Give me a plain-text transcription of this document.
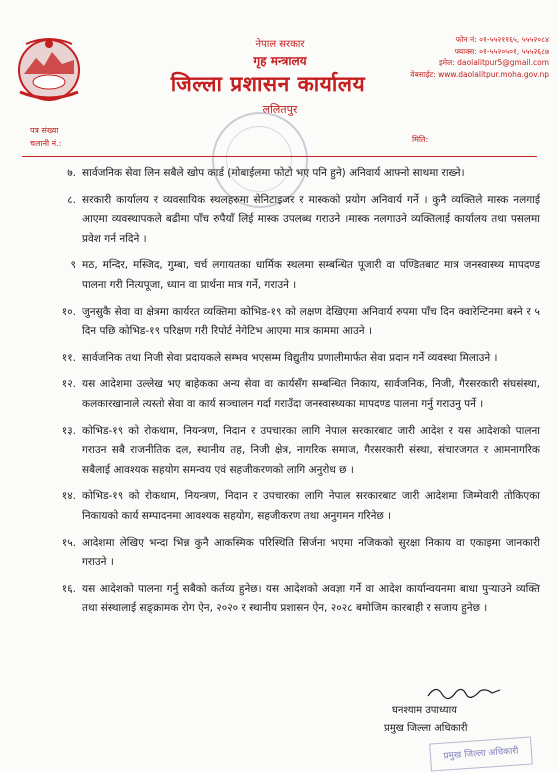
नेपाल सरकार
गृह मन्त्रालय
जिल्ला प्रशासन कार्यालय
ललितपुर
फोन नं: ०१-५५२११६५, ५५५२०८४
फ्याक्स: ०१-५५२०५०१, ५५५२६८७
इमेल: daolalitpur5@gmail.com
वेबसाईट: www.daolalitpur.moha.gov.np
पत्र संख्या
चलानी नं.:	मिति:
७. सार्वजनिक सेवा लिन सबैले खोप कार्ड (मोबाईलमा फोटो भए पनि हुने) अनिवार्य आफ्नो साथमा राख्ने।
८. सरकारी कार्यालय र व्यवसायिक स्थलहरुमा सेनिटाइजर र मास्कको प्रयोग अनिवार्य गर्ने । कुनै व्यक्तिले मास्क नलगाई आएमा व्यवस्थापकले बढीमा पाँच रुपैयाँ लिई मास्क उपलब्ध गराउने ।मास्क नलगाउने व्यक्तिलाई कार्यालय तथा पसलमा प्रवेश गर्न नदिने ।
९ मठ, मन्दिर, मस्जिद, गुम्बा, चर्च लगायतका धार्मिक स्थलमा सम्बन्धित पूजारी वा पण्डितबाट मात्र जनस्वास्थ्य मापदण्ड पालना गरी नित्यपूजा, ध्यान वा प्रार्थना मात्र गर्ने, गराउने ।
१०. जुनसुकै सेवा वा क्षेत्रमा कार्यरत व्यक्तिमा कोभिड-१९ को लक्षण देखिएमा अनिवार्य रुपमा पाँच दिन क्वारेन्टिनमा बस्ने र ५ दिन पछि कोभिड-१९ परिक्षण गरी रिपोर्ट नेगेटिभ आएमा मात्र काममा आउने ।
११. सार्वजनिक तथा निजी सेवा प्रदायकले सम्भव भएसम्म विद्युतीय प्रणालीमार्फत सेवा प्रदान गर्ने व्यवस्था मिलाउने ।
१२. यस आदेशमा उल्लेख भए बाहेकका अन्य सेवा वा कार्यसँग सम्बन्धित निकाय, सार्वजनिक, निजी, गैरसरकारी संघसंस्था, कलकारखानाले त्यस्तो सेवा वा कार्य सञ्चालन गर्दा गराउँदा जनस्वास्थ्यका मापदण्ड पालना गर्नु गराउनु पर्ने ।
१३. कोभिड-१९ को रोकथाम, नियन्त्रण, निदान र उपचारका लागि नेपाल सरकारबाट जारी आदेश र यस आदेशको पालना गराउन सबै राजनीतिक दल, स्थानीय तह, निजी क्षेत्र, नागरिक समाज, गैरसरकारी संस्था, संचारजगत र आमनागरिक सबैलाई आवश्यक सहयोग समन्वय एवं सहजीकरणको लागि अनुरोध छ ।
१४. कोभिड-१९ को रोकथाम, नियन्त्रण, निदान र उपचारका लागि नेपाल सरकारबाट जारी आदेशमा जिम्मेवारी तोकिएका निकायको कार्य सम्पादनमा आवश्यक सहयोग, सहजीकरण तथा अनुगमन गरिनेछ ।
१५. आदेशमा लेखिए भन्दा भिन्न कुनै आकस्मिक परिस्थिति सिर्जना भएमा नजिकको सुरक्षा निकाय वा एकाइमा जानकारी गराउने ।
१६. यस आदेशको पालना गर्नु सबैको कर्तव्य हुनेछ। यस आदेशको अवज्ञा गर्ने वा आदेश कार्यान्वयनमा बाधा पुऱ्याउने व्यक्ति तथा संस्थालाई सङ्क्रामक रोग ऐन, २०२० र स्थानीय प्रशासन ऐन, २०२८ बमोजिम कारबाही र सजाय हुनेछ ।
घनश्याम उपाध्याय
प्रमुख जिल्ला अधिकारी
प्रमुख जिल्ला अधिकारी
